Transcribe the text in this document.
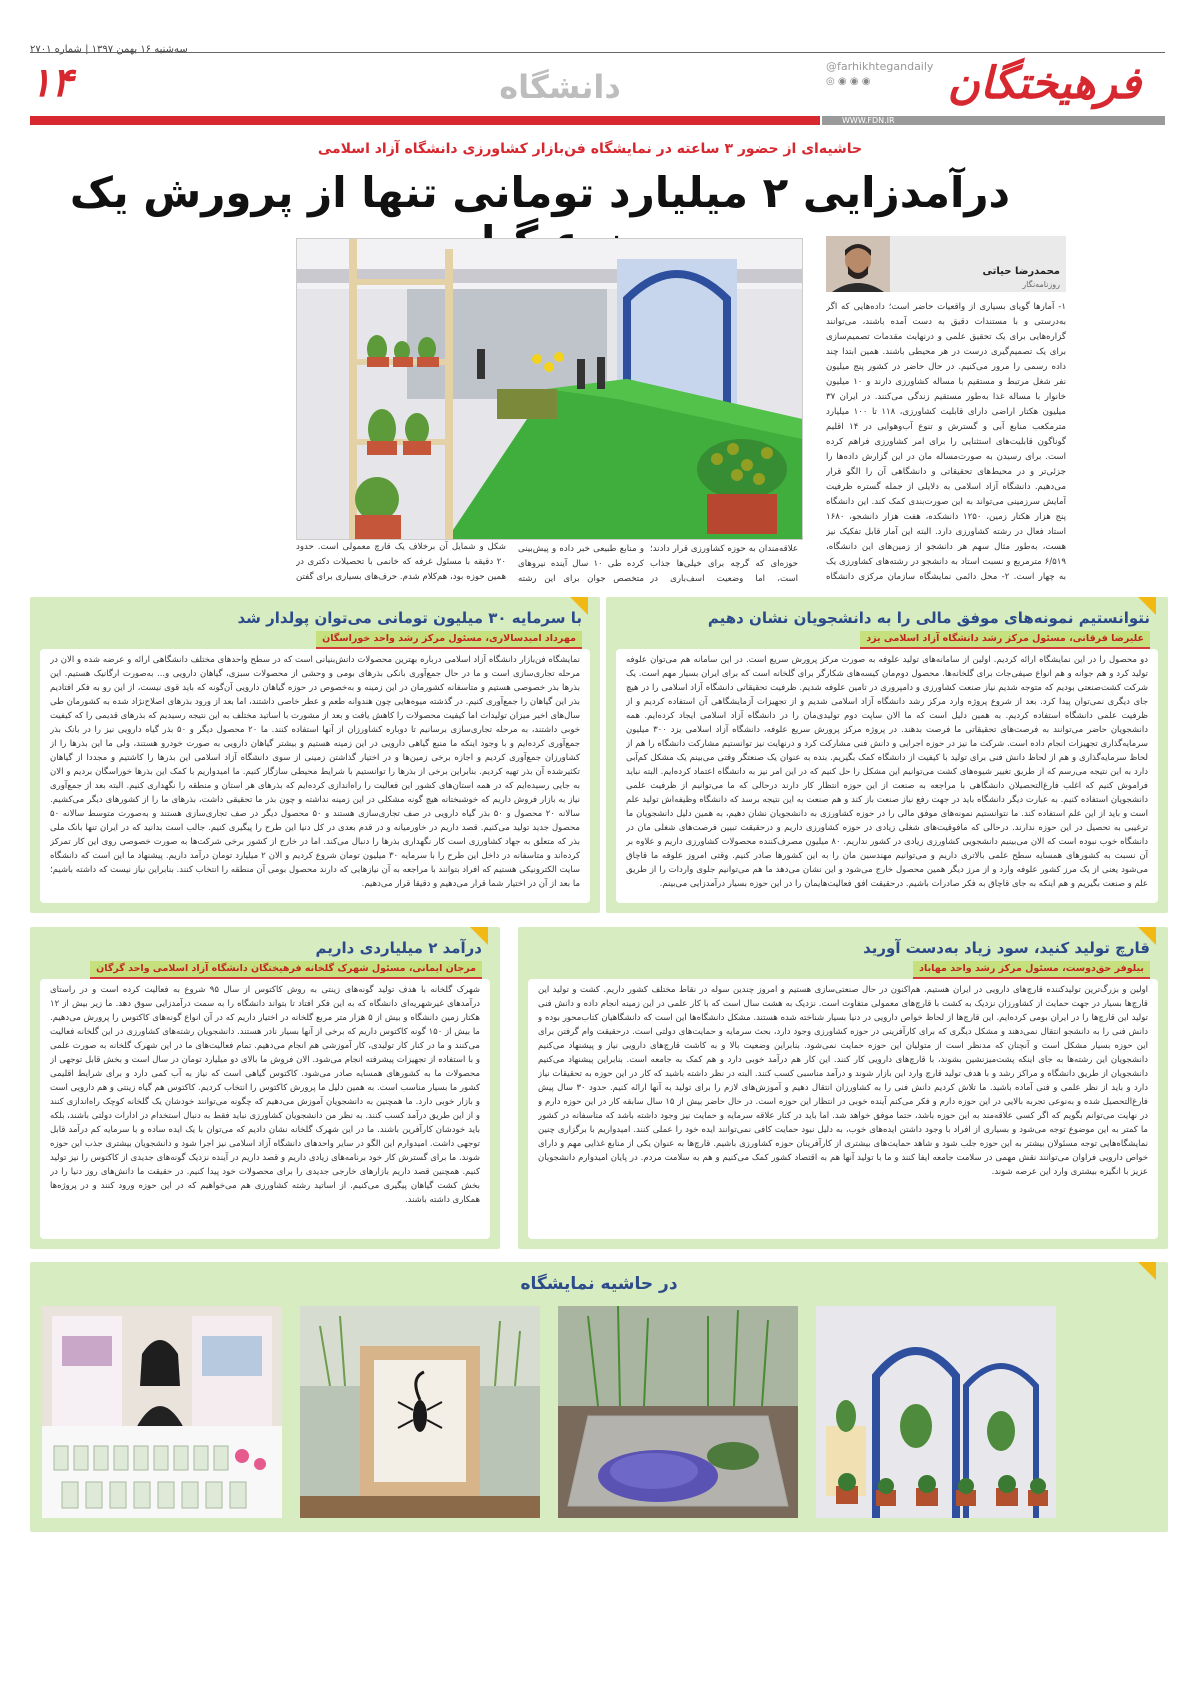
سه‌شنبه ۱۶ بهمن ۱۳۹۷ | شماره ۲۷۰۱
۱۴	دانشگاه	فرهیختگان
@farhikhtegandaily
◎ ◉ ◉ ◉
WWW.FDN.IR
حاشیه‌ای از حضور ۳ ساعته در نمایشگاه فن‌بازار کشاورزی دانشگاه آزاد اسلامی
درآمدزایی ۲ میلیارد تومانی تنها از پرورش یک
محمدرضا حیاتی
روزنامه‌نگار
۱- آمارها گویای بسیاری از واقعیات حاضر است؛ داده‌هایی که اگر به‌درستی و با مستندات دقیق به دست آمده باشند، می‌توانند گزاره‌هایی برای یک تحقیق علمی و درنهایت مقدمات تصمیم‌سازی برای یک تصمیم‌گیری درست در هر محیطی باشند. همین ابتدا چند داده رسمی را مرور می‌کنیم. در حال حاضر در کشور پنج میلیون نفر شغل مرتبط و مستقیم با مساله کشاورزی دارند و ۱۰ میلیون خانوار با مساله غذا به‌طور مستقیم زندگی می‌کنند. در ایران ۳۷ میلیون هکتار اراضی دارای قابلیت کشاورزی، ۱۱۸ تا ۱۰۰ میلیارد مترمکعب منابع آبی و گسترش و تنوع آب‌وهوایی در ۱۴ اقلیم گوناگون قابلیت‌های استثنایی را برای امر کشاورزی فراهم کرده است. برای رسیدن به صورت‌مساله مان در این گزارش داده‌ها را جزئی‌تر و در محیط‌های تحقیقاتی و دانشگاهی آن را الگو قرار می‌دهیم. دانشگاه آزاد اسلامی به دلایلی از جمله گستره ظرفیت آمایش سرزمینی می‌تواند به این صورت‌بندی کمک کند. این دانشگاه پنج هزار هکتار زمین، ۱۲۵۰ دانشکده، هفت هزار دانشجو، ۱۶۸۰ استاد فعال در رشته کشاورزی دارد. البته این آمار قابل تفکیک نیز هست، به‌طور مثال سهم هر دانشجو از زمین‌های این دانشگاه، ۶/۵۱۹ مترمربع و نسبت استاد به دانشجو در رشته‌های کشاورزی یک به چهار است. ۲- محل دائمی نمایشگاه سازمان مرکزی دانشگاه
شکل و شمایل آن برخلاف یک قارچ معمولی است. حدود ۲۰ دقیقه با مسئول غرفه که خانمی با تحصیلات دکتری در همین حوزه بود، هم‌کلام شدم. حرف‌های بسیاری برای گفتن
و منابع طبیعی خبر داده و پیش‌بینی کرده طی ۱۰ سال آینده نیروهای متخصص جوان برای این رشته
علاقه‌مندان به حوزه کشاورزی قرار دادند؛ حوزه‌ای که گرچه برای خیلی‌ها جذاب است، اما وضعیت اسف‌باری در
نتوانستیم نمونه‌های موفق مالی را به دانشجویان نشان دهیم
علیرضا فرقانی، مسئول مرکز رشد دانشگاه آزاد اسلامی یزد
دو محصول را در این نمایشگاه ارائه کردیم. اولین از سامانه‌های تولید علوفه به صورت مرکز پرورش سریع است. در این سامانه هم می‌توان علوفه تولید کرد و هم جوانه و هم انواع صیفی‌جات برای گلخانه‌ها. محصول دوم‌مان کیسه‌های شکارگر برای گلخانه است که برای ایران بسیار مهم است. یک شرکت کشت‌صنعتی بودیم که متوجه شدیم نیاز صنعت کشاورزی و دامپروری در تامین علوفه شدیم. ظرفیت تحقیقاتی دانشگاه آزاد اسلامی را در هیچ جای دیگری نمی‌توان پیدا کرد. بعد از شروع پروژه وارد مرکز رشد دانشگاه آزاد اسلامی شدیم و از تجهیزات آزمایشگاهی آن استفاده کردیم و از ظرفیت علمی دانشگاه استفاده کردیم. به همین دلیل است که ما الان ساپت دوم تولیدی‌مان را در دانشگاه آزاد اسلامی ایجاد کرده‌ایم. همه دانشجویان حاضر می‌توانند به فرصت‌های تحقیقاتی ما فرصت بدهند. در پروژه مرکز پرورش سریع علوفه، دانشگاه آزاد اسلامی یزد ۳۰۰ میلیون سرمایه‌گذاری تجهیزات انجام داده است. شرکت ما نیز در حوزه اجرایی و دانش فنی مشارکت کرد و درنهایت نیز توانستیم مشارکت دانشگاه را هم از لحاظ سرمایه‌گذاری و هم از لحاظ دانش فنی برای تولید با کیفیت از دانشگاه کمک بگیریم. بنده به عنوان یک صنعتگر وقتی می‌بینم یک مشکل کم‌آبی دارد به این نتیجه می‌رسم که از طریق تغییر شیوه‌های کشت می‌توانیم این مشکل را حل کنیم که در این امر نیز به دانشگاه اعتماد کرده‌ایم. البته نباید فراموش کنیم که اغلب فارغ‌التحصیلان دانشگاهی با مراجعه به صنعت از این حوزه انتظار کار دارند درحالی که ما می‌توانیم از ظرفیت علمی دانشجویان استفاده کنیم. به عبارت دیگر دانشگاه باید در جهت رفع نیاز صنعت باز کند و هم صنعت به این نتیجه برسد که دانشگاه وظیفه‌اش تولید علم است و باید از این علم استفاده کند. ما نتوانستیم نمونه‌های موفق مالی را در حوزه کشاورزی به دانشجویان نشان دهیم، به همین دلیل دانشجویان ما ترغیبی به تحصیل در این حوزه ندارند. درحالی که مافوقیت‌های شغلی زیادی در حوزه کشاورزی داریم و درحقیقت تبیین فرصت‌های شغلی مان در دانشگاه خوب نبوده است که الان می‌بینیم دانشجویی کشاورزی زیادی در کشور نداریم. ۸۰ میلیون مصرف‌کننده محصولات کشاورزی داریم و علاوه بر آن نسبت به کشورهای همسایه سطح علمی بالاتری داریم و می‌توانیم مهندسین مان را به این کشورها صادر کنیم. وقتی امروز علوفه ما قاچاق می‌شود یعنی از یک مرز کشور علوفه وارد و از مرز دیگر همین محصول خارج می‌شود و این نشان می‌دهد ما هم می‌توانیم جلوی واردات را از طریق علم و صنعت بگیریم و هم اینکه به جای قاچاق به فکر صادرات باشیم. درحقیقت افق فعالیت‌هایمان را در این حوزه بسیار درآمدزایی می‌بینم.
با سرمایه ۳۰ میلیون تومانی می‌توان پولدار شد
مهرداد امیدسالاری، مسئول مرکز رشد واحد خوراسگان
نمایشگاه فن‌بازار دانشگاه آزاد اسلامی درباره بهترین محصولات دانش‌بنیانی است که در سطح واحدهای مختلف دانشگاهی ارائه و عرضه شده و الان در مرحله تجاری‌سازی است و ما در حال جمع‌آوری بانکی بذرهای بومی و وحشی از محصولات سبزی، گیاهان دارویی و... به‌صورت ارگانیک هستیم. این بذرها بذر خصوصی هستیم و متاسفانه کشورمان در این زمینه و به‌خصوص در حوزه گیاهان دارویی آن‌گونه که باید قوی نیست، از این رو به فکر افتادیم بذر این گیاهان را جمع‌آوری کنیم. در گذشته میوه‌هایی چون هندوانه طعم و عطر خاصی داشتند، اما بعد از ورود بذرهای اصلاح‌نژاد شده به کشورمان طی سال‌های اخیر میزان تولیدات اما کیفیت محصولات را کاهش یافت و بعد از مشورت با اساتید مختلف به این نتیجه رسیدیم که بذرهای قدیمی را که کیفیت خوبی داشتند، به مرحله تجاری‌سازی برسانیم تا دوباره کشاورزان از آنها استفاده کنند. ما ۲۰ محصول دیگر و ۵۰ بذر گیاه دارویی نیز را در بانک بذر جمع‌آوری کرده‌ایم و با وجود اینکه ما منبع گیاهی دارویی در این زمینه هستیم و بیشتر گیاهان دارویی به صورت خودرو هستند، ولی ما این بذرها را از کشاورزان جمع‌آوری کردیم و اجازه برخی زمین‌ها و در اختیار گذاشتن زمینی از سوی دانشگاه آزاد اسلامی این بذرها را کاشتیم و مجددا از گیاهان تکثیرشده آن بذر تهیه کردیم. بنابراین برخی از بذرها را توانستیم با شرایط محیطی سازگار کنیم. ما امیدواریم با کمک این بذرها خوراسگان بردیم و الان به جایی رسیده‌ایم که در همه استان‌های کشور این فعالیت را راه‌اندازی کرده‌ایم که بذرهای هر استان و منطقه را نگهداری کنیم. البته بعد از جمع‌آوری نیاز به بازار فروش داریم که خوشبختانه هیچ گونه مشکلی در این زمینه نداشته و چون بذر ما تحقیقی داشت، بذرهای ما را از کشورهای دیگر می‌کشیم. سالانه ۲۰ محصول و ۵۰ بذر گیاه دارویی در صف تجاری‌سازی هستند و ۵۰ محصول دیگر در صف تجاری‌سازی هستند و به‌صورت متوسط سالانه ۵۰ محصول جدید تولید می‌کنیم. قصد داریم در خاورمیانه و در قدم بعدی در کل دنیا این طرح را پیگیری کنیم. جالب است بدانید که در ایران تنها بانک ملی بذر که متعلق به جهاد کشاورزی است کار نگهداری بذرها را دنبال می‌کند. اما در خارج از کشور برخی شرکت‌ها به صورت خصوصی روی این کار تمرکز کرده‌اند و متاسفانه در داخل این طرح را با سرمایه ۳۰ میلیون تومان شروع کردیم و الان ۲ میلیارد تومان درآمد داریم. پیشنهاد ما این است که دانشگاه سایت الکترونیکی هستیم که افراد بتوانند با مراجعه به آن نیازهایی که دارند محصول بومی آن منطقه را انتخاب کنند. بنابراین نیاز نیست که داشته باشیم؛ ما بعد از آن در اختیار شما قرار می‌دهیم و دقیقا قرار می‌دهیم.
قارچ تولید کنید، سود زیاد به‌دست آورید
بیلوفر حق‌دوست، مسئول مرکز رشد واحد مهاباد
اولین و بزرگ‌ترین تولیدکننده قارچ‌های دارویی در ایران هستیم. هم‌اکنون در حال صنعتی‌سازی هستیم و امروز چندین سوله در نقاط مختلف کشور داریم. کشت و تولید این قارچ‌ها بسیار در جهت حمایت از کشاورزان نزدیک به کشت با قارچ‌های معمولی متفاوت است. نزدیک به هشت سال است که با کار علمی در این زمینه انجام داده و دانش فنی تولید این قارچ‌ها را در ایران بومی کرده‌ایم. این قارچ‌ها از لحاظ خواص دارویی در دنیا بسیار شناخته شده هستند. مشکل دانشگاه‌ها این است که دانشگاهیان کتاب‌محور بوده و دانش فنی را به دانشجو انتقال نمی‌دهند و مشکل دیگری که برای کارآفرینی در حوزه کشاورزی وجود دارد، بحث سرمایه و حمایت‌های دولتی است. درحقیقت وام گرفتن برای این حوزه بسیار مشکل است و آنچنان که مدنظر است از متولیان این حوزه حمایت نمی‌شود. بنابراین وضعیت بالا و به کاشت قارچ‌های دارویی نیاز و پیشنهاد می‌کنیم دانشجویان این رشته‌ها به جای اینکه پشت‌میزنشین بشوند، با قارچ‌های دارویی کار کنند. این کار هم درآمد خوبی دارد و هم کمک به جامعه است. بنابراین پیشنهاد می‌کنیم دانشجویان از طریق دانشگاه و مراکز رشد و با هدف تولید قارچ وارد این بازار شوند و درآمد مناسبی کسب کنند. البته در نظر داشته باشید که کار در این حوزه به تحقیقات نیاز دارد و باید از نظر علمی و فنی آماده باشید. ما تلاش کردیم دانش فنی را به کشاورزان انتقال دهیم و آموزش‌های لازم را برای تولید به آنها ارائه کنیم. حدود ۳۰ سال پیش فارغ‌التحصیل شده و به‌نوعی تجربه بالایی در این حوزه دارم و فکر می‌کنم آینده خوبی در انتظار این حوزه است. در حال حاضر بیش از ۱۵ سال سابقه کار در این حوزه دارم و در نهایت می‌توانم بگویم که اگر کسی علاقه‌مند به این حوزه باشد، حتما موفق خواهد شد. اما باید در کنار علاقه سرمایه و حمایت نیز وجود داشته باشد که متاسفانه در کشور ما کمتر به این موضوع توجه می‌شود و بسیاری از افراد با وجود داشتن ایده‌های خوب، به دلیل نبود حمایت کافی نمی‌توانند ایده خود را عملی کنند. امیدواریم با برگزاری چنین نمایشگاه‌هایی توجه مسئولان بیشتر به این حوزه جلب شود و شاهد حمایت‌های بیشتری از کارآفرینان حوزه کشاورزی باشیم. قارچ‌ها به عنوان یکی از منابع غذایی مهم و دارای خواص دارویی فراوان می‌توانند نقش مهمی در سلامت جامعه ایفا کنند و ما با تولید آنها هم به اقتصاد کشور کمک می‌کنیم و هم به سلامت مردم. در پایان امیدوارم دانشجویان عزیز با انگیزه بیشتری وارد این عرصه شوند.
درآمد ۲ میلیاردی داریم
مرجان ایمانی، مسئول شهرک گلخانه فرهیختگان دانشگاه آزاد اسلامی واحد گرگان
شهرک گلخانه با هدف تولید گونه‌های زینتی به روش کاکتوس از سال ۹۵ شروع به فعالیت کرده است و در راستای درآمدهای غیرشهریه‌ای دانشگاه که به این فکر افتاد تا بتواند دانشگاه را به سمت درآمدزایی سوق دهد. ما زیر بیش از ۱۲ هکتار زمین دانشگاه و بیش از ۵ هزار متر مربع گلخانه در اختیار داریم که در آن انواع گونه‌های کاکتوس را پرورش می‌دهیم. ما بیش از ۱۵۰ گونه کاکتوس داریم که برخی از آنها بسیار نادر هستند. دانشجویان رشته‌های کشاورزی در این گلخانه فعالیت می‌کنند و ما در کنار کار تولیدی، کار آموزشی هم انجام می‌دهیم. تمام فعالیت‌های ما در این شهرک گلخانه به صورت علمی و با استفاده از تجهیزات پیشرفته انجام می‌شود. الان فروش ما بالای دو میلیارد تومان در سال است و بخش قابل توجهی از محصولات ما به کشورهای همسایه صادر می‌شود. کاکتوس گیاهی است که نیاز به آب کمی دارد و برای شرایط اقلیمی کشور ما بسیار مناسب است. به همین دلیل ما پرورش کاکتوس را انتخاب کردیم. کاکتوس هم گیاه زینتی و هم دارویی است و بازار خوبی دارد. ما همچنین به دانشجویان آموزش می‌دهیم که چگونه می‌توانند خودشان یک گلخانه کوچک راه‌اندازی کنند و از این طریق درآمد کسب کنند. به نظر من دانشجویان کشاورزی نباید فقط به دنبال استخدام در ادارات دولتی باشند، بلکه باید خودشان کارآفرین باشند. ما در این شهرک گلخانه نشان دادیم که می‌توان با یک ایده ساده و با سرمایه کم درآمد قابل توجهی داشت. امیدوارم این الگو در سایر واحدهای دانشگاه آزاد اسلامی نیز اجرا شود و دانشجویان بیشتری جذب این حوزه شوند. ما برای گسترش کار خود برنامه‌های زیادی داریم و قصد داریم در آینده نزدیک گونه‌های جدیدی از کاکتوس را نیز تولید کنیم. همچنین قصد داریم بازارهای خارجی جدیدی را برای محصولات خود پیدا کنیم. در حقیقت ما دانش‌های روز دنیا را در بخش کشت گیاهان پیگیری می‌کنیم. از اساتید رشته کشاورزی هم می‌خواهیم که در این حوزه ورود کنند و در پروژه‌ها همکاری داشته باشند.
در حاشیه نمایشگاه
